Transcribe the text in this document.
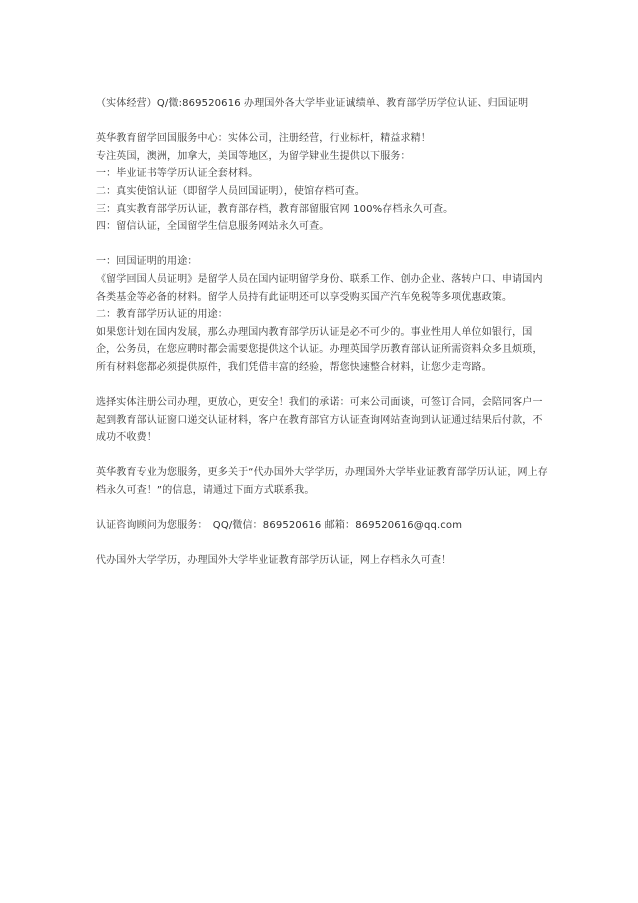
（实体经营）Q/微:869520616 办理国外各大学毕业证诚绩单、教育部学历学位认证、归国证明

英华教育留学回国服务中心：实体公司，注册经营，行业标杆，精益求精！

专注英国，澳洲，加拿大，美国等地区，为留学肄业生提供以下服务：

一：毕业证书等学历认证全套材料。

二：真实使馆认证（即留学人员回国证明），使馆存档可查。

三：真实教育部学历认证，教育部存档，教育部留服官网 100%存档永久可查。

四：留信认证，全国留学生信息服务网站永久可查。

一：回国证明的用途：

《留学回国人员证明》是留学人员在国内证明留学身份、联系工作、创办企业、落转户口、申请国内各类基金等必备的材料。留学人员持有此证明还可以享受购买国产汽车免税等多项优惠政策。

二：教育部学历认证的用途：

如果您计划在国内发展，那么办理国内教育部学历认证是必不可少的。事业性用人单位如银行，国企，公务员，在您应聘时都会需要您提供这个认证。办理英国学历教育部认证所需资料众多且烦琐，所有材料您都必须提供原件，我们凭借丰富的经验，帮您快速整合材料，让您少走弯路。

选择实体注册公司办理，更放心，更安全！我们的承诺：可来公司面谈，可签订合同，会陪同客户一起到教育部认证窗口递交认证材料，客户在教育部官方认证查询网站查询到认证通过结果后付款，不成功不收费！

英华教育专业为您服务，更多关于“代办国外大学学历，办理国外大学毕业证教育部学历认证，网上存档永久可查！”的信息，请通过下面方式联系我。

认证咨询顾问为您服务：　QQ/微信：869520616 邮箱：869520616@qq.com

代办国外大学学历，办理国外大学毕业证教育部学历认证，网上存档永久可查！
